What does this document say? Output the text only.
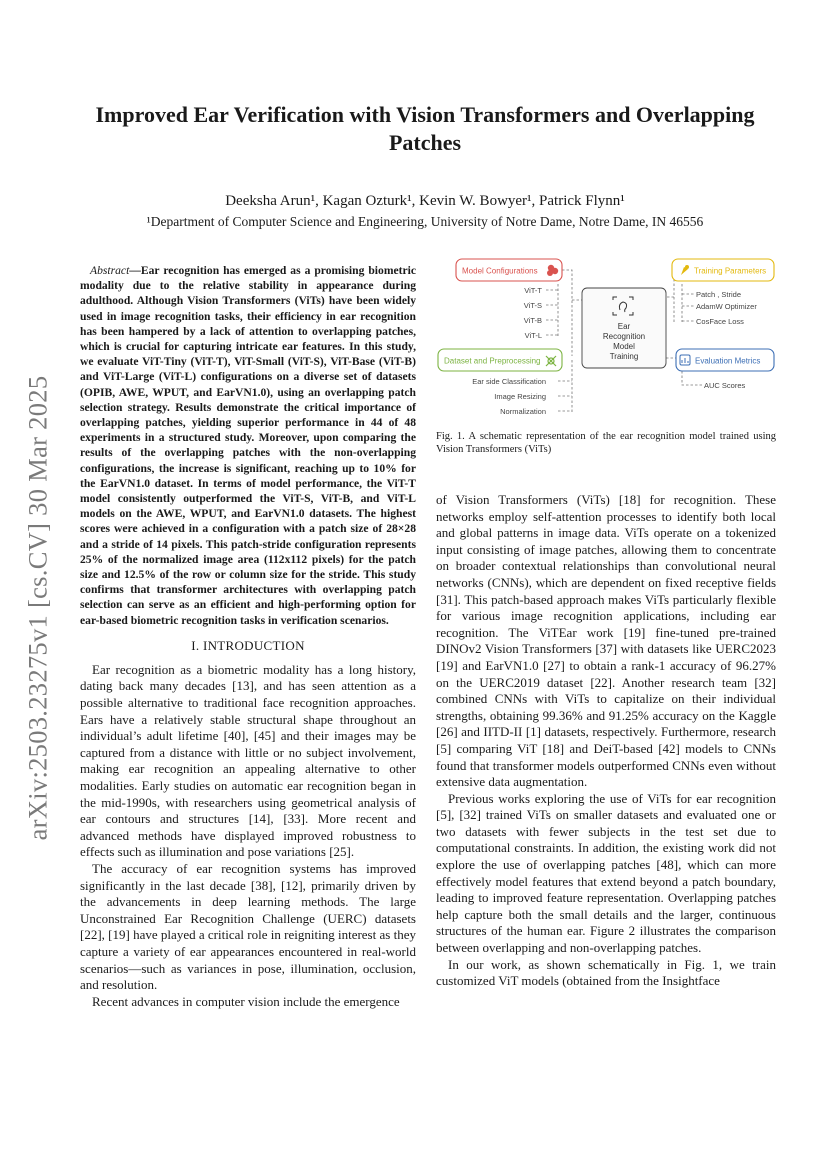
arXiv:2503.23275v1 [cs.CV] 30 Mar 2025
Improved Ear Verification with Vision Transformers and Overlapping Patches
Deeksha Arun¹, Kagan Ozturk¹, Kevin W. Bowyer¹, Patrick Flynn¹
¹Department of Computer Science and Engineering, University of Notre Dame, Notre Dame, IN 46556

Abstract—Ear recognition has emerged as a promising biometric modality due to the relative stability in appearance during adulthood. Although Vision Transformers (ViTs) have been widely used in image recognition tasks, their efficiency in ear recognition has been hampered by a lack of attention to overlapping patches, which is crucial for capturing intricate ear features. In this study, we evaluate ViT-Tiny (ViT-T), ViT-Small (ViT-S), ViT-Base (ViT-B) and ViT-Large (ViT-L) configurations on a diverse set of datasets (OPIB, AWE, WPUT, and EarVN1.0), using an overlapping patch selection strategy. Results demonstrate the critical importance of overlapping patches, yielding superior performance in 44 of 48 experiments in a structured study. Moreover, upon comparing the results of the overlapping patches with the non-overlapping configurations, the increase is significant, reaching up to 10% for the EarVN1.0 dataset. In terms of model performance, the ViT-T model consistently outperformed the ViT-S, ViT-B, and ViT-L models on the AWE, WPUT, and EarVN1.0 datasets. The highest scores were achieved in a configuration with a patch size of 28×28 and a stride of 14 pixels. This patch-stride configuration represents 25% of the normalized image area (112x112 pixels) for the patch size and 12.5% of the row or column size for the stride. This study confirms that transformer architectures with overlapping patch selection can serve as an efficient and high-performing option for ear-based biometric recognition tasks in verification scenarios.

I. INTRODUCTION

Ear recognition as a biometric modality has a long history, dating back many decades [13], and has seen attention as a possible alternative to traditional face recognition approaches. Ears have a relatively stable structural shape throughout an individual’s adult lifetime [40], [45] and their images may be captured from a distance with little or no subject involvement, making ear recognition an appealing alternative to other modalities. Early studies on automatic ear recognition began in the mid-1990s, with researchers using geometrical analysis of ear contours and structures [14], [33]. More recent and advanced methods have displayed improved robustness to effects such as illumination and pose variations [25].

The accuracy of ear recognition systems has improved significantly in the last decade [38], [12], primarily driven by the advancements in deep learning methods. The large Unconstrained Ear Recognition Challenge (UERC) datasets [22], [19] have played a critical role in reigniting interest as they capture a variety of ear appearances encountered in real-world scenarios—such as variances in pose, illumination, occlusion, and resolution.

Recent advances in computer vision include the emergence

Ear
Recognition
Model
Training
Model Configurations
ViT-T
ViT-S
ViT-B
ViT-L
Dataset and Preprocessing
Ear side Classification
Image Resizing
Normalization
Training Parameters
Patch , Stride
AdamW Optimizer
CosFace Loss
Evaluation Metrics
AUC Scores
Fig. 1. A schematic representation of the ear recognition model trained using Vision Transformers (ViTs)

of Vision Transformers (ViTs) [18] for recognition. These networks employ self-attention processes to identify both local and global patterns in image data. ViTs operate on a tokenized input consisting of image patches, allowing them to concentrate on broader contextual relationships than convolutional neural networks (CNNs), which are dependent on fixed receptive fields [31]. This patch-based approach makes ViTs particularly flexible for various image recognition applications, including ear recognition. The ViTEar work [19] fine-tuned pre-trained DINOv2 Vision Transformers [37] with datasets like UERC2023 [19] and EarVN1.0 [27] to obtain a rank-1 accuracy of 96.27% on the UERC2019 dataset [22]. Another research team [32] combined CNNs with ViTs to capitalize on their individual strengths, obtaining 99.36% and 91.25% accuracy on the Kaggle [26] and IITD-II [1] datasets, respectively. Furthermore, research [5] comparing ViT [18] and DeiT-based [42] models to CNNs found that transformer models outperformed CNNs even without extensive data augmentation.

Previous works exploring the use of ViTs for ear recognition [5], [32] trained ViTs on smaller datasets and evaluated one or two datasets with fewer subjects in the test set due to computational constraints. In addition, the existing work did not explore the use of overlapping patches [48], which can more effectively model features that extend beyond a patch boundary, leading to improved feature representation. Overlapping patches help capture both the small details and the larger, continuous structures of the human ear. Figure 2 illustrates the comparison between overlapping and non-overlapping patches.

In our work, as shown schematically in Fig. 1, we train customized ViT models (obtained from the Insightface
